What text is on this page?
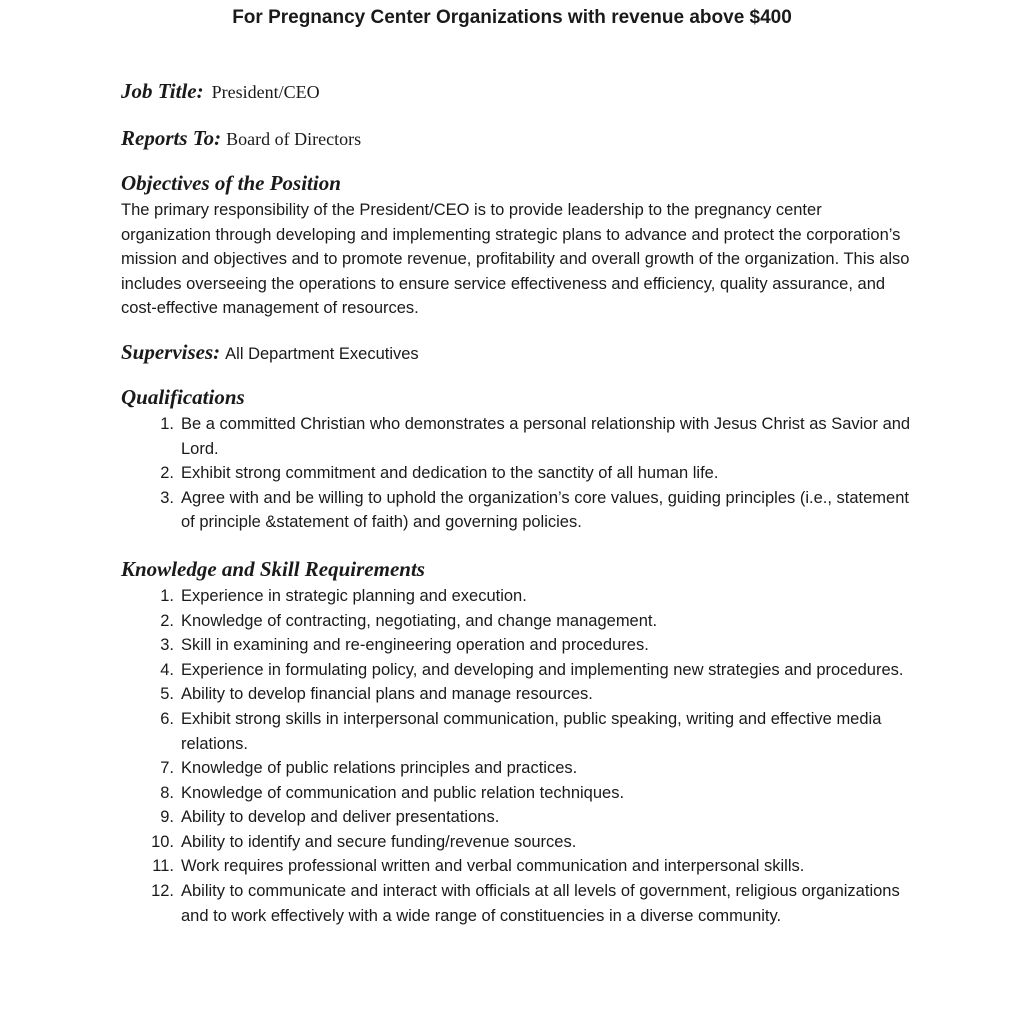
For Pregnancy Center Organizations with revenue above $400
Job Title: President/CEO
Reports To: Board of Directors
Objectives of the Position

The primary responsibility of the President/CEO is to provide leadership to the pregnancy center organization through developing and implementing strategic plans to advance and protect the corporation’s mission and objectives and to promote revenue, profitability and overall growth of the organization. This also includes overseeing the operations to ensure service effectiveness and efficiency, quality assurance, and cost-effective management of resources.

Supervises: All Department Executives
Qualifications
1. Be a committed Christian who demonstrates a personal relationship with Jesus Christ as Savior and Lord.
2. Exhibit strong commitment and dedication to the sanctity of all human life.
3. Agree with and be willing to uphold the organization’s core values, guiding principles (i.e., statement of principle &statement of faith) and governing policies.
Knowledge and Skill Requirements
1. Experience in strategic planning and execution.
2. Knowledge of contracting, negotiating, and change management.
3. Skill in examining and re-engineering operation and procedures.
4. Experience in formulating policy, and developing and implementing new strategies and procedures.
5. Ability to develop financial plans and manage resources.
6. Exhibit strong skills in interpersonal communication, public speaking, writing and effective media relations.
7. Knowledge of public relations principles and practices.
8. Knowledge of communication and public relation techniques.
9. Ability to develop and deliver presentations.
10. Ability to identify and secure funding/revenue sources.
11. Work requires professional written and verbal communication and interpersonal skills.
12. Ability to communicate and interact with officials at all levels of government, religious organizations and to work effectively with a wide range of constituencies in a diverse community.
